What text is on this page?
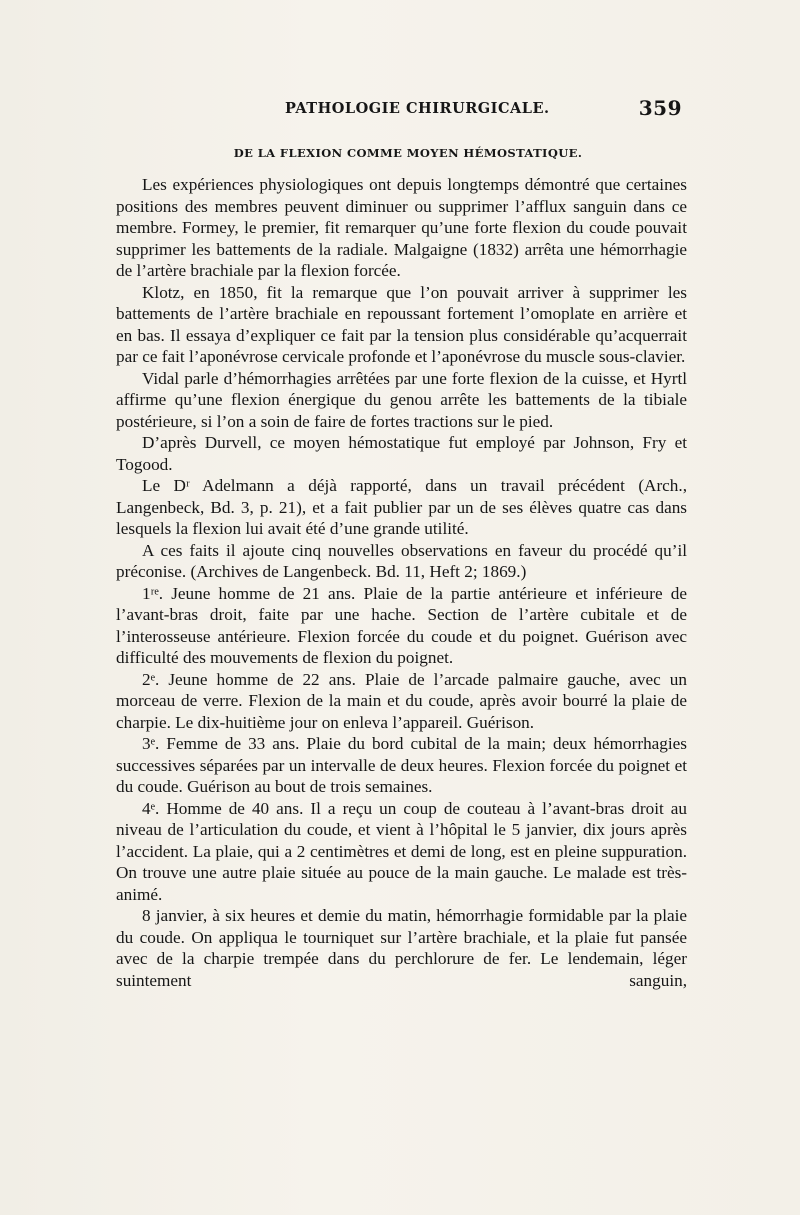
PATHOLOGIE CHIRURGICALE.	359
DE LA FLEXION COMME MOYEN HÉMOSTATIQUE.

Les expériences physiologiques ont depuis longtemps démontré que certaines positions des membres peuvent diminuer ou supprimer l’afflux sanguin dans ce membre. Formey, le premier, fit remarquer qu’une forte flexion du coude pouvait supprimer les battements de la radiale. Malgaigne (1832) arrêta une hémorrhagie de l’artère brachiale par la flexion forcée.

Klotz, en 1850, fit la remarque que l’on pouvait arriver à supprimer les battements de l’artère brachiale en repoussant fortement l’omoplate en arrière et en bas. Il essaya d’expliquer ce fait par la tension plus considérable qu’acquerrait par ce fait l’aponévrose cervicale profonde et l’aponévrose du muscle sous-clavier.

Vidal parle d’hémorrhagies arrêtées par une forte flexion de la cuisse, et Hyrtl affirme qu’une flexion énergique du genou arrête les battements de la tibiale postérieure, si l’on a soin de faire de fortes tractions sur le pied.

D’après Durvell, ce moyen hémostatique fut employé par Johnson, Fry et Togood.

Le Dʳ Adelmann a déjà rapporté, dans un travail précédent (Arch., Langenbeck, Bd. 3, p. 21), et a fait publier par un de ses élèves quatre cas dans lesquels la flexion lui avait été d’une grande utilité.

A ces faits il ajoute cinq nouvelles observations en faveur du procédé qu’il préconise. (Archives de Langenbeck. Bd. 11, Heft 2; 1869.)

1ʳᵉ. Jeune homme de 21 ans. Plaie de la partie antérieure et inférieure de l’avant-bras droit, faite par une hache. Section de l’artère cubitale et de l’interosseuse antérieure. Flexion forcée du coude et du poignet. Guérison avec difficulté des mouvements de flexion du poignet.

2ᵉ. Jeune homme de 22 ans. Plaie de l’arcade palmaire gauche, avec un morceau de verre. Flexion de la main et du coude, après avoir bourré la plaie de charpie. Le dix-huitième jour on enleva l’appareil. Guérison.

3ᵉ. Femme de 33 ans. Plaie du bord cubital de la main; deux hémorrhagies successives séparées par un intervalle de deux heures. Flexion forcée du poignet et du coude. Guérison au bout de trois semaines.

4ᵉ. Homme de 40 ans. Il a reçu un coup de couteau à l’avant-bras droit au niveau de l’articulation du coude, et vient à l’hôpital le 5 janvier, dix jours après l’accident. La plaie, qui a 2 centimètres et demi de long, est en pleine suppuration. On trouve une autre plaie située au pouce de la main gauche. Le malade est très-animé.

8 janvier, à six heures et demie du matin, hémorrhagie formidable par la plaie du coude. On appliqua le tourniquet sur l’artère brachiale, et la plaie fut pansée avec de la charpie trempée dans du perchlorure de fer. Le lendemain, léger suintement sanguin,
